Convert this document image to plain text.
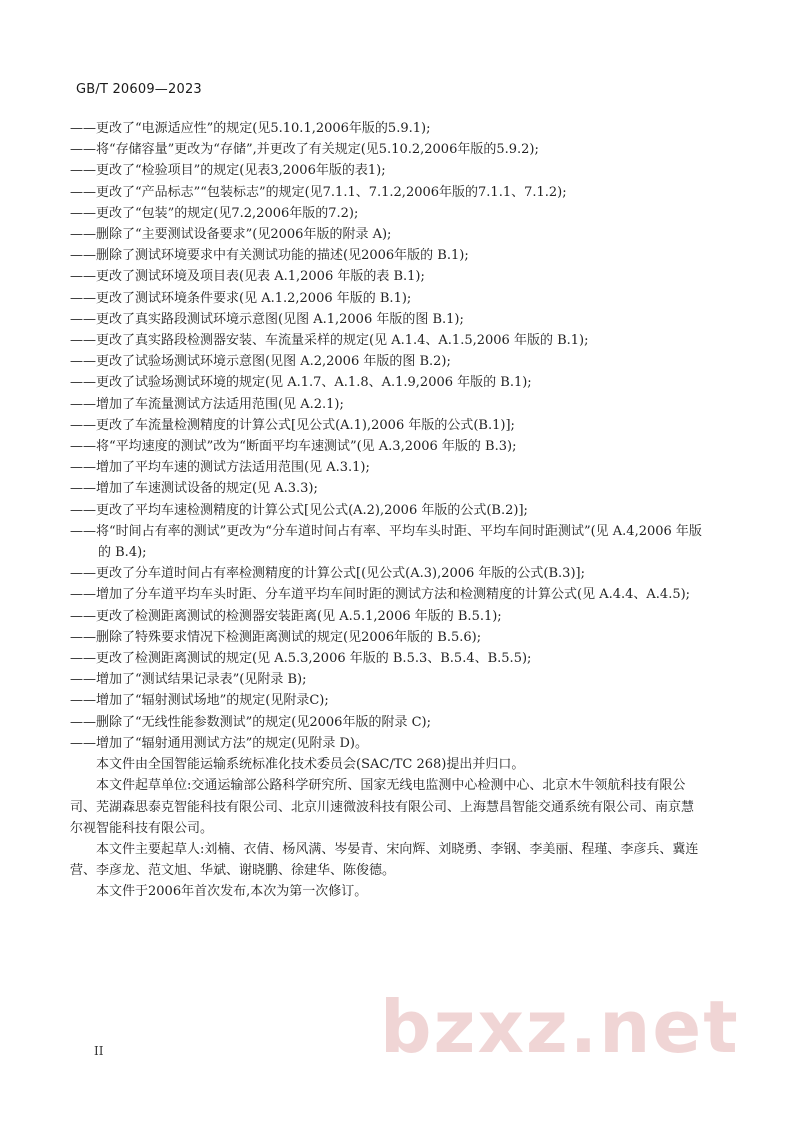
GB/T 20609—2023
——更改了“电源适应性”的规定(见5.10.1,2006年版的5.9.1);
——将“存储容量”更改为“存储”,并更改了有关规定(见5.10.2,2006年版的5.9.2);
——更改了“检验项目”的规定(见表3,2006年版的表1);
——更改了“产品标志”“包装标志”的规定(见7.1.1、7.1.2,2006年版的7.1.1、7.1.2);
——更改了“包装”的规定(见7.2,2006年版的7.2);
——删除了“主要测试设备要求”(见2006年版的附录 A);
——删除了测试环境要求中有关测试功能的描述(见2006年版的 B.1);
——更改了测试环境及项目表(见表 A.1,2006 年版的表 B.1);
——更改了测试环境条件要求(见 A.1.2,2006 年版的 B.1);
——更改了真实路段测试环境示意图(见图 A.1,2006 年版的图 B.1);
——更改了真实路段检测器安装、车流量采样的规定(见 A.1.4、A.1.5,2006 年版的 B.1);
——更改了试验场测试环境示意图(见图 A.2,2006 年版的图 B.2);
——更改了试验场测试环境的规定(见 A.1.7、A.1.8、A.1.9,2006 年版的 B.1);
——增加了车流量测试方法适用范围(见 A.2.1);
——更改了车流量检测精度的计算公式[见公式(A.1),2006 年版的公式(B.1)];
——将“平均速度的测试”改为“断面平均车速测试”(见 A.3,2006 年版的 B.3);
——增加了平均车速的测试方法适用范围(见 A.3.1);
——增加了车速测试设备的规定(见 A.3.3);
——更改了平均车速检测精度的计算公式[见公式(A.2),2006 年版的公式(B.2)];
——将“时间占有率的测试”更改为“分车道时间占有率、平均车头时距、平均车间时距测试”(见 A.4,2006 年版的 B.4);
——更改了分车道时间占有率检测精度的计算公式[(见公式(A.3),2006 年版的公式(B.3)];
——增加了分车道平均车头时距、分车道平均车间时距的测试方法和检测精度的计算公式(见 A.4.4、A.4.5);
——更改了检测距离测试的检测器安装距离(见 A.5.1,2006 年版的 B.5.1);
——删除了特殊要求情况下检测距离测试的规定(见2006年版的 B.5.6);
——更改了检测距离测试的规定(见 A.5.3,2006 年版的 B.5.3、B.5.4、B.5.5);
——增加了“测试结果记录表”(见附录 B);
——增加了“辐射测试场地”的规定(见附录C);
——删除了“无线性能参数测试”的规定(见2006年版的附录 C);
——增加了“辐射通用测试方法”的规定(见附录 D)。

本文件由全国智能运输系统标准化技术委员会(SAC/TC 268)提出并归口。

本文件起草单位:交通运输部公路科学研究所、国家无线电监测中心检测中心、北京木牛领航科技有限公司、芜湖森思泰克智能科技有限公司、北京川速微波科技有限公司、上海慧昌智能交通系统有限公司、南京慧尔视智能科技有限公司。

本文件主要起草人:刘楠、衣倩、杨风满、岑晏青、宋向辉、刘晓勇、李钢、李美丽、程瑾、李彦兵、冀连营、李彦龙、范文旭、华斌、谢晓鹏、徐建华、陈俊德。

本文件于2006年首次发布,本次为第一次修订。

bzxz.net
II
